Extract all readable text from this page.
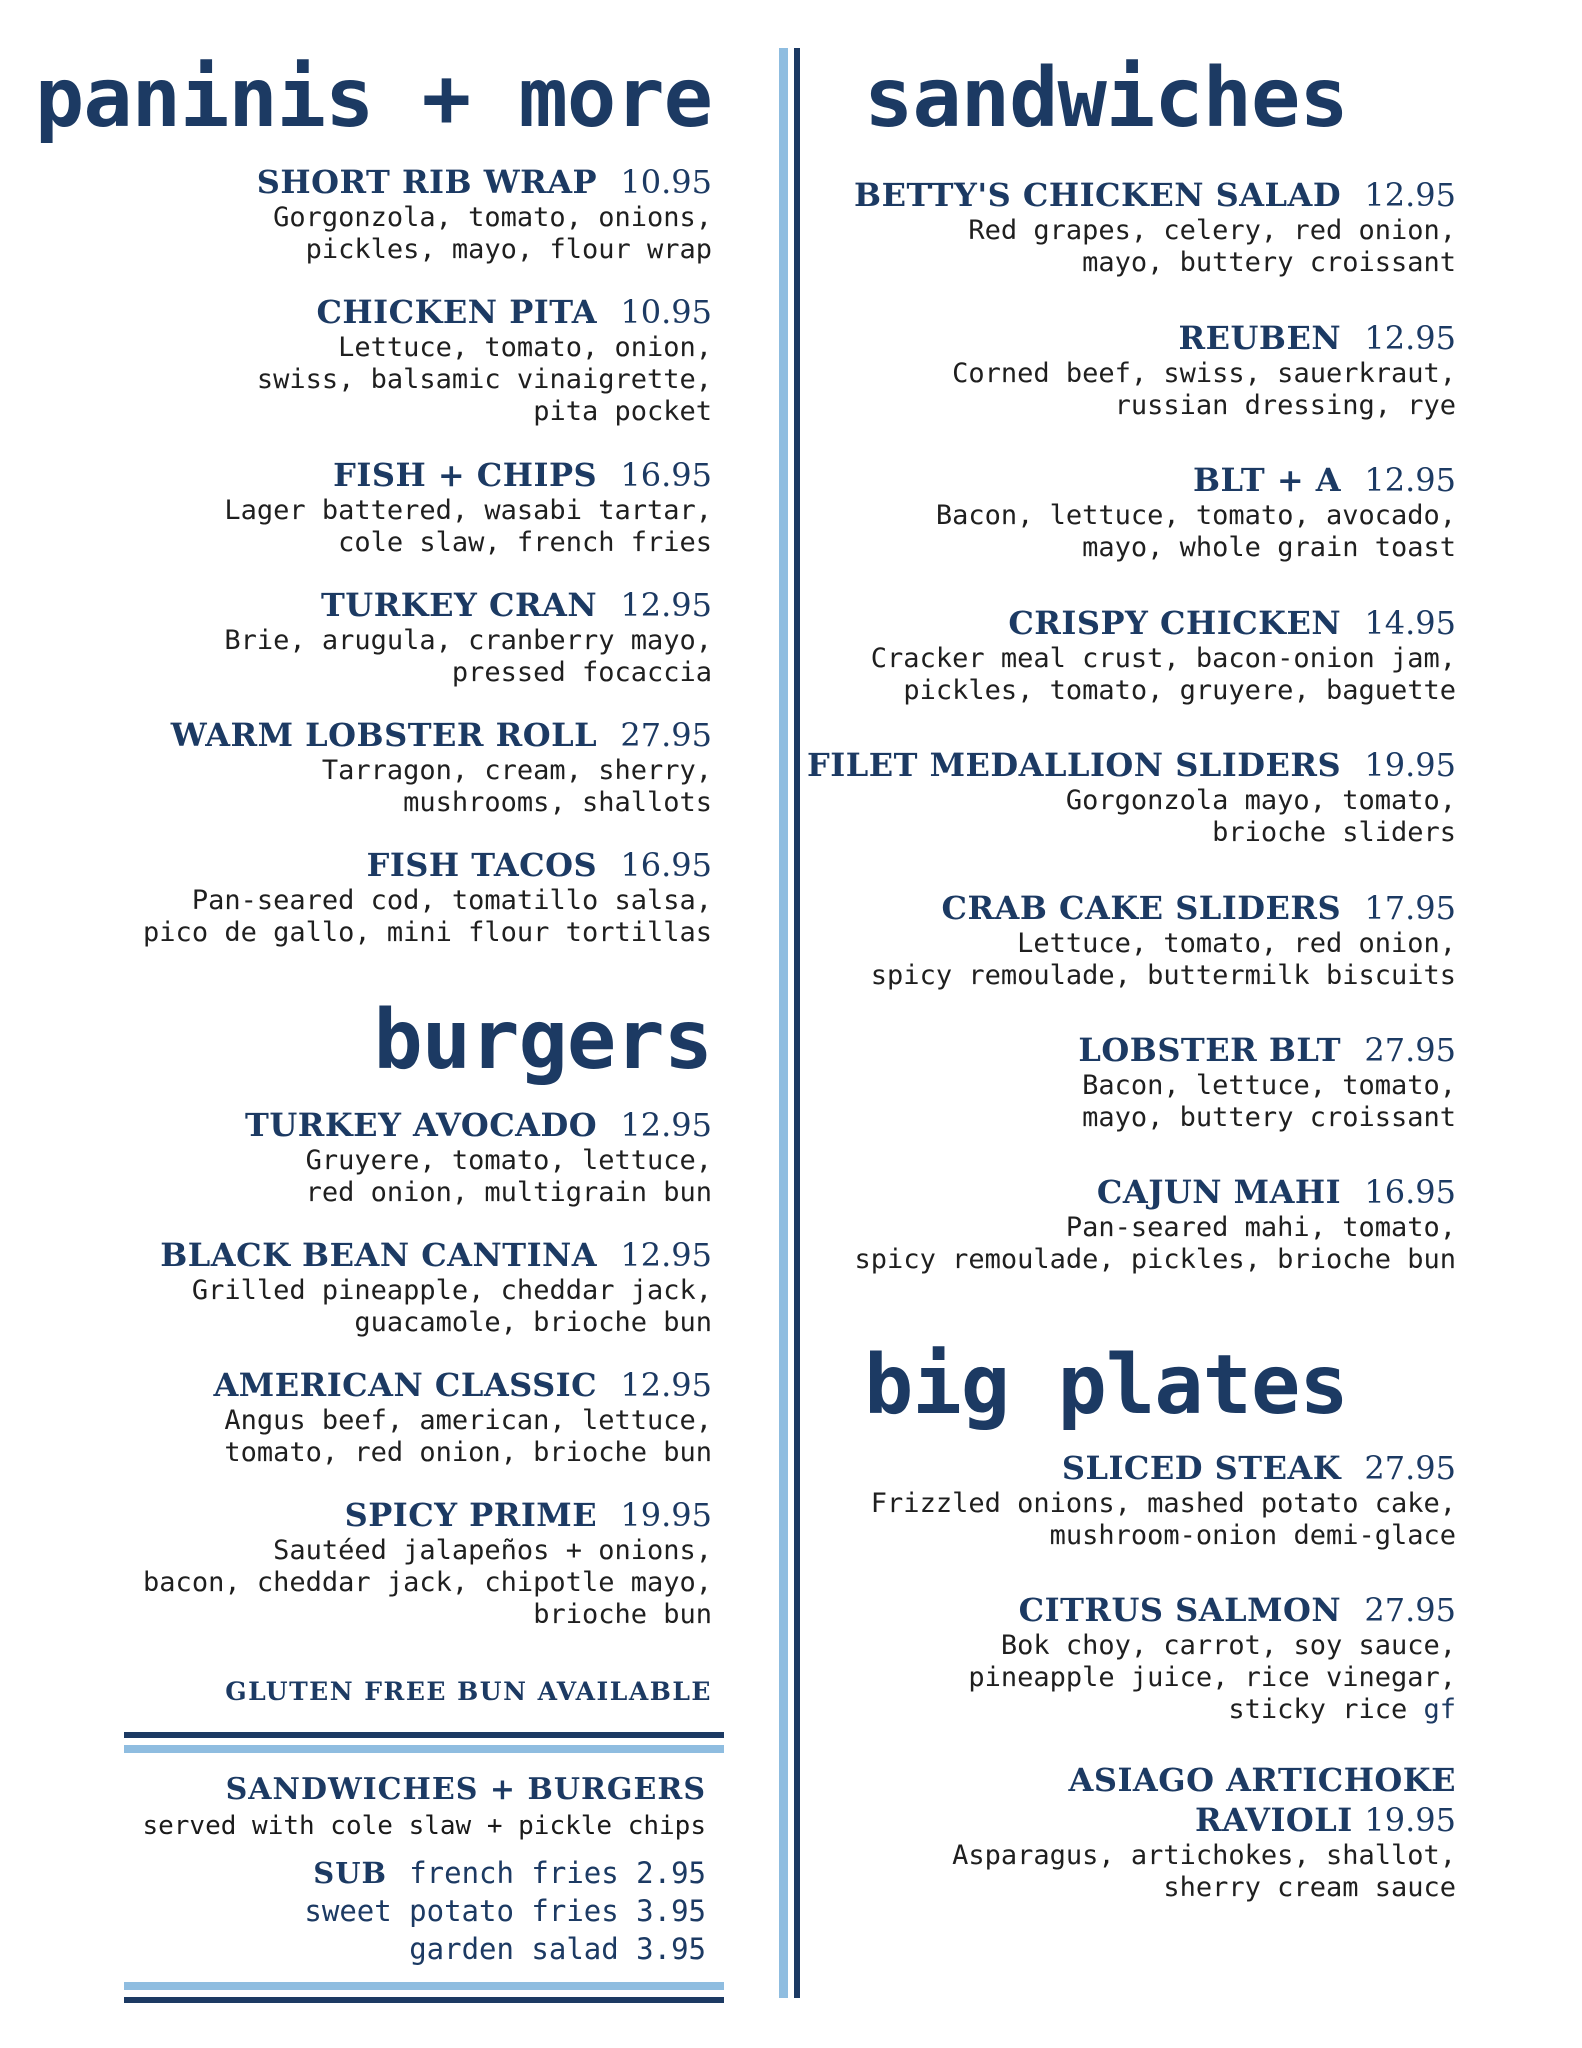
paninis + more
SHORT RIB WRAP  10.95
Gorgonzola, tomato, onions,
pickles, mayo, flour wrap
CHICKEN PITA  10.95
Lettuce, tomato, onion,
swiss, balsamic vinaigrette,
pita pocket
FISH + CHIPS  16.95
Lager battered, wasabi tartar,
cole slaw, french fries
TURKEY CRAN  12.95
Brie, arugula, cranberry mayo,
pressed focaccia
WARM LOBSTER ROLL  27.95
Tarragon, cream, sherry,
mushrooms, shallots
FISH TACOS  16.95
Pan-seared cod, tomatillo salsa,
pico de gallo, mini flour tortillas
burgers
TURKEY AVOCADO  12.95
Gruyere, tomato, lettuce,
red onion, multigrain bun
BLACK BEAN CANTINA  12.95
Grilled pineapple, cheddar jack,
guacamole, brioche bun
AMERICAN CLASSIC  12.95
Angus beef, american, lettuce,
tomato, red onion, brioche bun
SPICY PRIME  19.95
Sautéed jalapeños + onions,
bacon, cheddar jack, chipotle mayo,
brioche bun
GLUTEN FREE BUN AVAILABLE
SANDWICHES + BURGERS
served with cole slaw + pickle chips
SUB  french fries 2.95
sweet potato fries 3.95
garden salad 3.95
sandwiches
BETTY'S CHICKEN SALAD  12.95
Red grapes, celery, red onion,
mayo, buttery croissant
REUBEN  12.95
Corned beef, swiss, sauerkraut,
russian dressing, rye
BLT + A  12.95
Bacon, lettuce, tomato, avocado,
mayo, whole grain toast
CRISPY CHICKEN  14.95
Cracker meal crust, bacon-onion jam,
pickles, tomato, gruyere, baguette
FILET MEDALLION SLIDERS  19.95
Gorgonzola mayo, tomato,
brioche sliders
CRAB CAKE SLIDERS  17.95
Lettuce, tomato, red onion,
spicy remoulade, buttermilk biscuits
LOBSTER BLT  27.95
Bacon, lettuce, tomato,
mayo, buttery croissant
CAJUN MAHI  16.95
Pan-seared mahi, tomato,
spicy remoulade, pickles, brioche bun
big plates
SLICED STEAK  27.95
Frizzled onions, mashed potato cake,
mushroom-onion demi-glace
CITRUS SALMON  27.95
Bok choy, carrot, soy sauce,
pineapple juice, rice vinegar,
sticky rice gf
ASIAGO ARTICHOKE
RAVIOLI 19.95
Asparagus, artichokes, shallot,
sherry cream sauce
